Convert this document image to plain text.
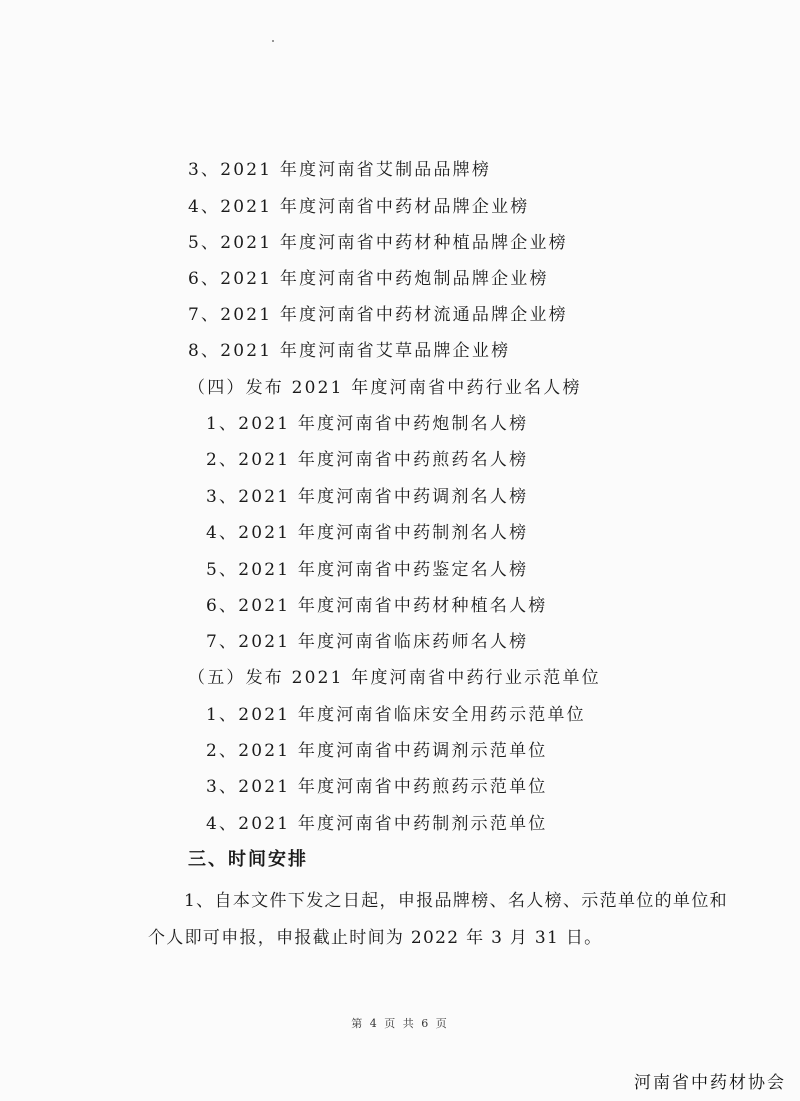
3、2021 年度河南省艾制品品牌榜
4、2021 年度河南省中药材品牌企业榜
5、2021 年度河南省中药材种植品牌企业榜
6、2021 年度河南省中药炮制品牌企业榜
7、2021 年度河南省中药材流通品牌企业榜
8、2021 年度河南省艾草品牌企业榜
（四）发布 2021 年度河南省中药行业名人榜
1、2021 年度河南省中药炮制名人榜
2、2021 年度河南省中药煎药名人榜
3、2021 年度河南省中药调剂名人榜
4、2021 年度河南省中药制剂名人榜
5、2021 年度河南省中药鉴定名人榜
6、2021 年度河南省中药材种植名人榜
7、2021 年度河南省临床药师名人榜
（五）发布 2021 年度河南省中药行业示范单位
1、2021 年度河南省临床安全用药示范单位
2、2021 年度河南省中药调剂示范单位
3、2021 年度河南省中药煎药示范单位
4、2021 年度河南省中药制剂示范单位
三、时间安排
1、自本文件下发之日起，申报品牌榜、名人榜、示范单位的单位和个人即可申报，申报截止时间为 2022 年 3 月 31 日。
第 4 页 共 6 页
河南省中药材协会
